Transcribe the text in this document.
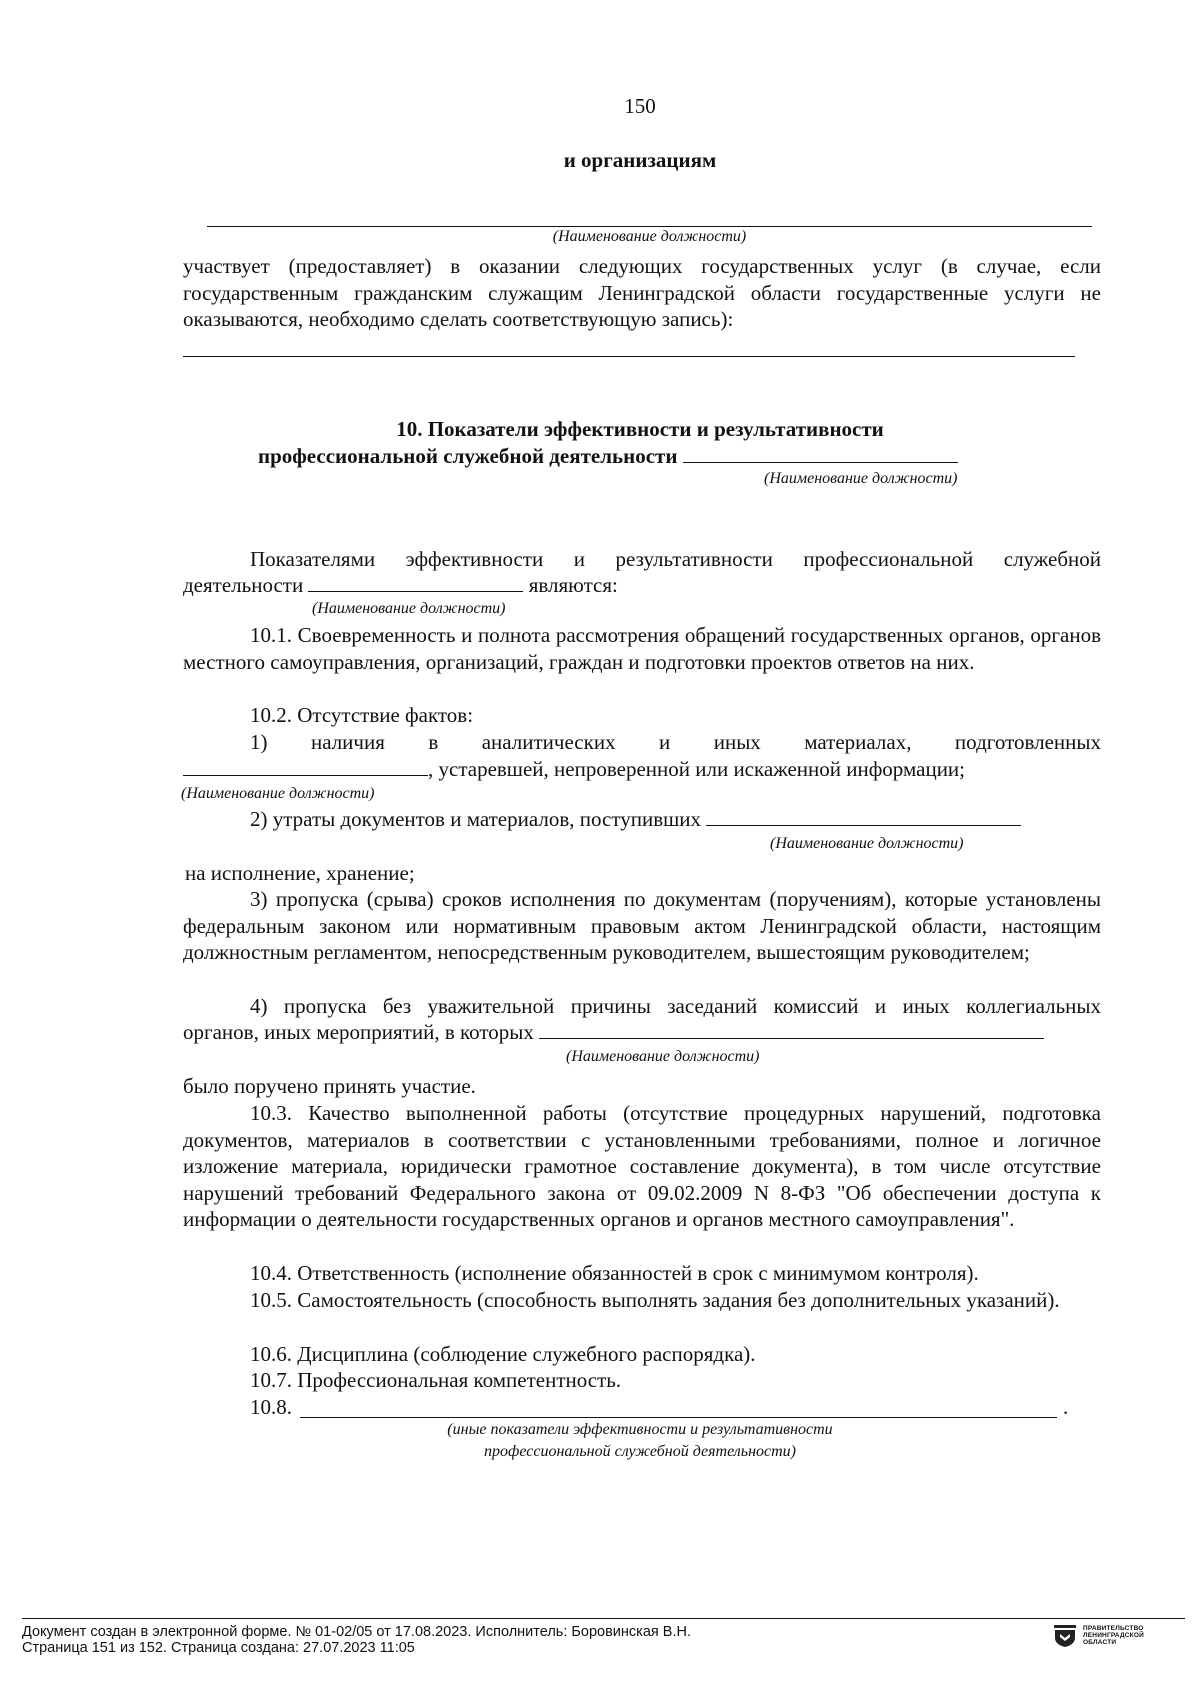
150
и организациям
(Наименование должности)
участвует (предоставляет) в оказании следующих государственных услуг (в случае, если государственным гражданским служащим Ленинградской области государственные услуги не оказываются, необходимо сделать соответствующую запись):
10. Показатели эффективности и результативности
профессиональной служебной деятельности
(Наименование должности)
Показателями эффективности и результативности профессиональной служебной
деятельности	являются:
(Наименование должности)
10.1. Своевременность и полнота рассмотрения обращений государственных органов, органов местного самоуправления, организаций, граждан и подготовки проектов ответов на них.
10.2. Отсутствие фактов:
1) наличия в аналитических и иных материалах, подготовленных
, устаревшей, непроверенной или искаженной информации;
(Наименование должности)
2) утраты документов и материалов, поступивших
(Наименование должности)
на исполнение, хранение;
3) пропуска (срыва) сроков исполнения по документам (поручениям), которые установлены федеральным законом или нормативным правовым актом Ленинградской области, настоящим должностным регламентом, непосредственным руководителем, вышестоящим руководителем;
4) пропуска без уважительной причины заседаний комиссий и иных коллегиальных
органов, иных мероприятий, в которых
(Наименование должности)
было поручено принять участие.
10.3. Качество выполненной работы (отсутствие процедурных нарушений, подготовка документов, материалов в соответствии с установленными требованиями, полное и логичное изложение материала, юридически грамотное составление документа), в том числе отсутствие нарушений требований Федерального закона от 09.02.2009 N 8-ФЗ "Об обеспечении доступа к информации о деятельности государственных органов и органов местного самоуправления".
10.4. Ответственность (исполнение обязанностей в срок с минимумом контроля).
10.5. Самостоятельность (способность выполнять задания без дополнительных указаний).
10.6. Дисциплина (соблюдение служебного распорядка).
10.7. Профессиональная компетентность.
10.8.	.
(иные показатели эффективности и результативности
профессиональной служебной деятельности)
Документ создан в электронной форме. № 01-02/05 от 17.08.2023. Исполнитель: Боровинская В.Н.
Страница 151 из 152. Страница создана: 27.07.2023 11:05
ПРАВИТЕЛЬСТВО
ЛЕНИНГРАДСКОЙ
ОБЛАСТИ
